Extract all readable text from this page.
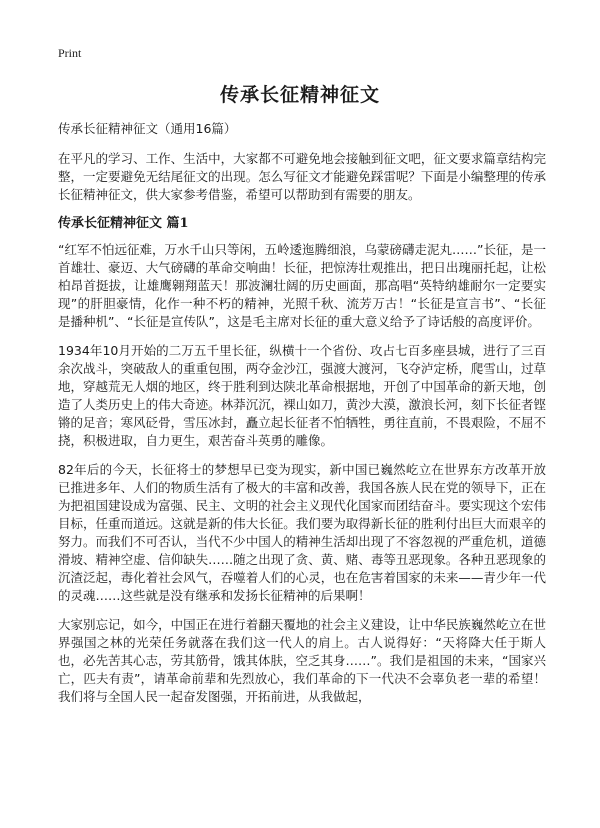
Print
传承长征精神征文

传承长征精神征文（通用16篇）

在平凡的学习、工作、生活中，大家都不可避免地会接触到征文吧，征文要求篇章结构完整，一定要避免无结尾征文的出现。怎么写征文才能避免踩雷呢？下面是小编整理的传承长征精神征文，供大家参考借鉴，希望可以帮助到有需要的朋友。

传承长征精神征文 篇1

“红军不怕远征难，万水千山只等闲，五岭逶迤腾细浪，乌蒙磅礴走泥丸……”长征，是一首雄壮、豪迈、大气磅礴的革命交响曲！长征，把惊涛壮观推出，把日出瑰丽托起，让松柏昂首挺拔，让雄鹰翱翔蓝天！那波澜壮阔的历史画面，那高唱“英特纳雄耐尔一定要实现”的肝胆豪情，化作一种不朽的精神，光照千秋、流芳万古！“长征是宣言书”、“长征是播种机”、“长征是宣传队”，这是毛主席对长征的重大意义给予了诗话般的高度评价。

1934年10月开始的二万五千里长征，纵横十一个省份、攻占七百多座县城，进行了三百余次战斗，突破敌人的重重包围，两夺金沙江，强渡大渡河，飞夺泸定桥，爬雪山，过草地，穿越荒无人烟的地区，终于胜利到达陕北革命根据地，开创了中国革命的新天地，创造了人类历史上的伟大奇迹。林莽沉沉，裸山如刀，黄沙大漠，激浪长河，刻下长征者铿锵的足音；寒风砭骨，雪压冰封，矗立起长征者不怕牺牲，勇往直前，不畏艰险，不屈不挠，积极进取，自力更生，艰苦奋斗英勇的雕像。

82年后的今天，长征将士的梦想早已变为现实，新中国已巍然屹立在世界东方改革开放已推进多年、人们的物质生活有了极大的丰富和改善，我国各族人民在党的领导下，正在为把祖国建设成为富强、民主、文明的社会主义现代化国家而团结奋斗。要实现这个宏伟目标，任重而道远。这就是新的伟大长征。我们要为取得新长征的胜利付出巨大而艰辛的努力。而我们不可否认，当代不少中国人的精神生活却出现了不容忽视的严重危机，道德滑坡、精神空虚、信仰缺失……随之出现了贪、黄、赌、毒等丑恶现象。各种丑恶现象的沉渣泛起，毒化着社会风气，吞噬着人们的心灵，也在危害着国家的未来——青少年一代的灵魂……这些就是没有继承和发扬长征精神的后果啊！

大家别忘记，如今，中国正在进行着翻天覆地的社会主义建设，让中华民族巍然屹立在世界强国之林的光荣任务就落在我们这一代人的肩上。古人说得好：“天将降大任于斯人也，必先苦其心志，劳其筋骨，饿其体肤，空乏其身……”。我们是祖国的未来，“国家兴亡，匹夫有责”，请革命前辈和先烈放心，我们革命的下一代决不会辜负老一辈的希望！我们将与全国人民一起奋发图强，开拓前进，从我做起，
